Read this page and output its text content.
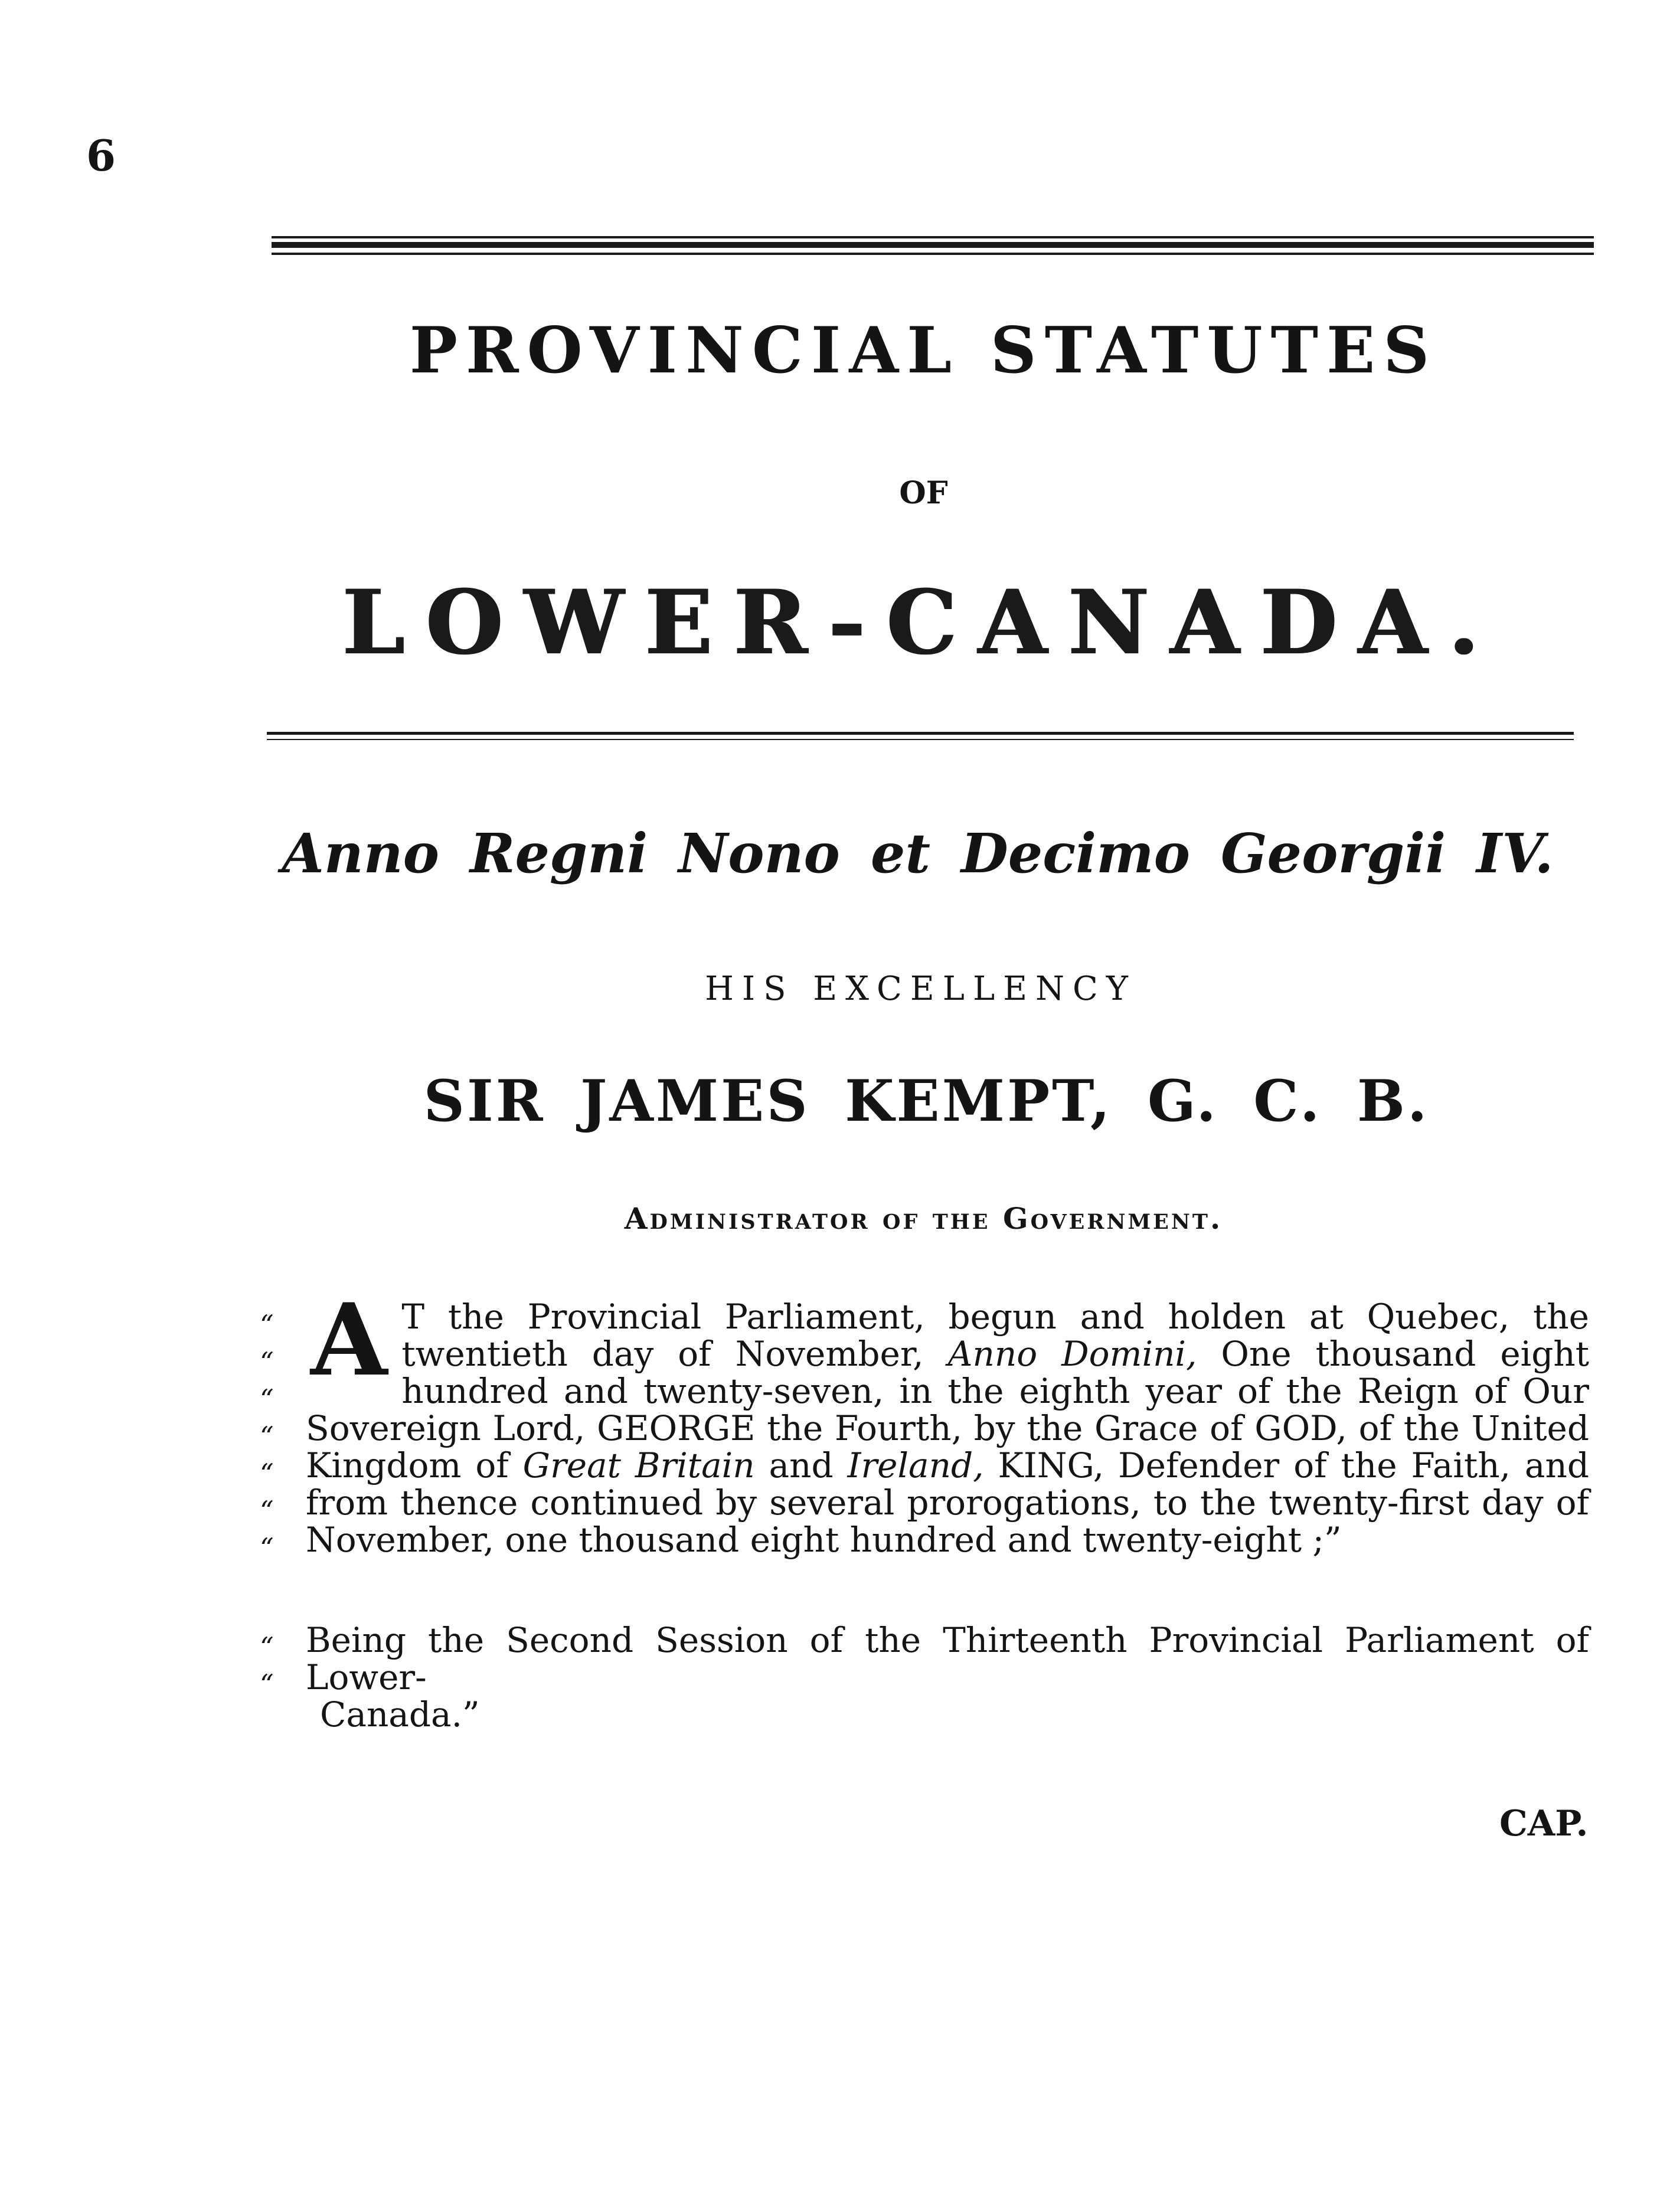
6
PROVINCIAL STATUTES
OF
LOWER-CANADA.
Anno Regni Nono et Decimo Georgii IV.
HIS EXCELLENCY
SIR JAMES KEMPT, G. C. B.
Administrator of the Government.
“
“
“
“
“
“
“
A T the Provincial Parliament, begun and holden at Quebec, the twentieth day of November, Anno Domini, One thousand eight hundred and twenty-seven, in the eighth year of the Reign of Our Sovereign Lord, GEORGE the Fourth, by the Grace of GOD, of the United Kingdom of Great Britain and Ireland, KING, Defender of the Faith, and from thence continued by several prorogations, to the twenty-first day of November, one thousand eight hundred and twenty-eight ;”
“
“
Being the Second Session of the Thirteenth Provincial Parliament of Lower-
Canada.”
CAP.
